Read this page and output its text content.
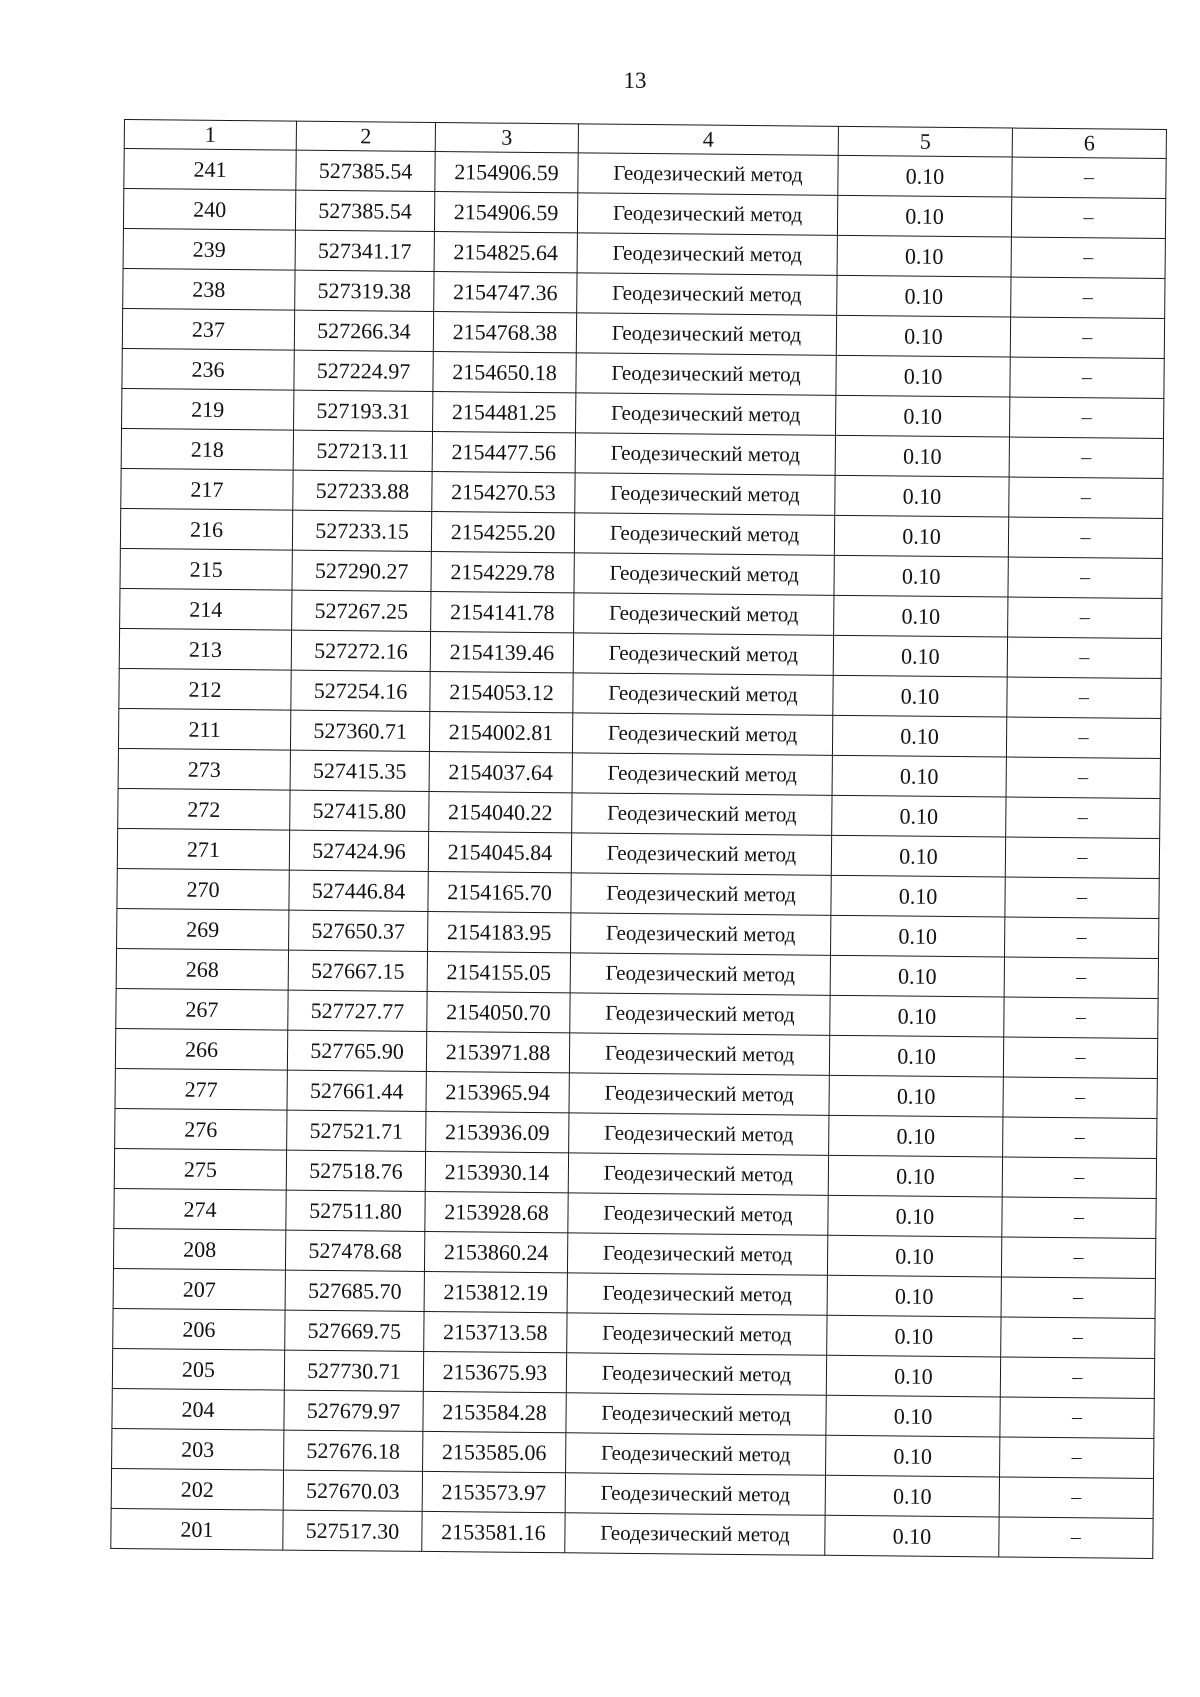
13
1	2	3	4	5	6
241	527385.54	2154906.59	Геодезический метод	0.10	–
240	527385.54	2154906.59	Геодезический метод	0.10	–
239	527341.17	2154825.64	Геодезический метод	0.10	–
238	527319.38	2154747.36	Геодезический метод	0.10	–
237	527266.34	2154768.38	Геодезический метод	0.10	–
236	527224.97	2154650.18	Геодезический метод	0.10	–
219	527193.31	2154481.25	Геодезический метод	0.10	–
218	527213.11	2154477.56	Геодезический метод	0.10	–
217	527233.88	2154270.53	Геодезический метод	0.10	–
216	527233.15	2154255.20	Геодезический метод	0.10	–
215	527290.27	2154229.78	Геодезический метод	0.10	–
214	527267.25	2154141.78	Геодезический метод	0.10	–
213	527272.16	2154139.46	Геодезический метод	0.10	–
212	527254.16	2154053.12	Геодезический метод	0.10	–
211	527360.71	2154002.81	Геодезический метод	0.10	–
273	527415.35	2154037.64	Геодезический метод	0.10	–
272	527415.80	2154040.22	Геодезический метод	0.10	–
271	527424.96	2154045.84	Геодезический метод	0.10	–
270	527446.84	2154165.70	Геодезический метод	0.10	–
269	527650.37	2154183.95	Геодезический метод	0.10	–
268	527667.15	2154155.05	Геодезический метод	0.10	–
267	527727.77	2154050.70	Геодезический метод	0.10	–
266	527765.90	2153971.88	Геодезический метод	0.10	–
277	527661.44	2153965.94	Геодезический метод	0.10	–
276	527521.71	2153936.09	Геодезический метод	0.10	–
275	527518.76	2153930.14	Геодезический метод	0.10	–
274	527511.80	2153928.68	Геодезический метод	0.10	–
208	527478.68	2153860.24	Геодезический метод	0.10	–
207	527685.70	2153812.19	Геодезический метод	0.10	–
206	527669.75	2153713.58	Геодезический метод	0.10	–
205	527730.71	2153675.93	Геодезический метод	0.10	–
204	527679.97	2153584.28	Геодезический метод	0.10	–
203	527676.18	2153585.06	Геодезический метод	0.10	–
202	527670.03	2153573.97	Геодезический метод	0.10	–
201	527517.30	2153581.16	Геодезический метод	0.10	–
